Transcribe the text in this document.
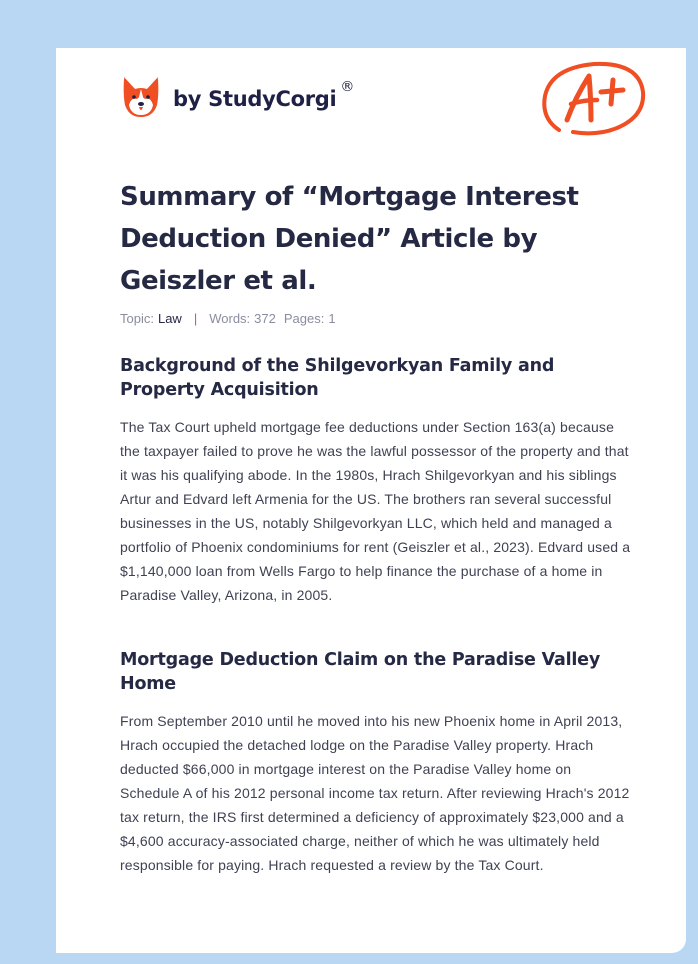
by StudyCorgi ®
Summary of “Mortgage Interest Deduction Denied” Article by Geiszler et al.
Topic: Law | Words: 372 Pages: 1
Background of the Shilgevorkyan Family and Property Acquisition

The Tax Court upheld mortgage fee deductions under Section 163(a) because the taxpayer failed to prove he was the lawful possessor of the property and that it was his qualifying abode. In the 1980s, Hrach Shilgevorkyan and his siblings Artur and Edvard left Armenia for the US. The brothers ran several successful businesses in the US, notably Shilgevorkyan LLC, which held and managed a portfolio of Phoenix condominiums for rent (Geiszler et al., 2023). Edvard used a $1,140,000 loan from Wells Fargo to help finance the purchase of a home in Paradise Valley, Arizona, in 2005.

Mortgage Deduction Claim on the Paradise Valley Home

From September 2010 until he moved into his new Phoenix home in April 2013, Hrach occupied the detached lodge on the Paradise Valley property. Hrach deducted $66,000 in mortgage interest on the Paradise Valley home on Schedule A of his 2012 personal income tax return. After reviewing Hrach's 2012 tax return, the IRS first determined a deficiency of approximately $23,000 and a $4,600 accuracy-associated charge, neither of which he was ultimately held responsible for paying. Hrach requested a review by the Tax Court.
